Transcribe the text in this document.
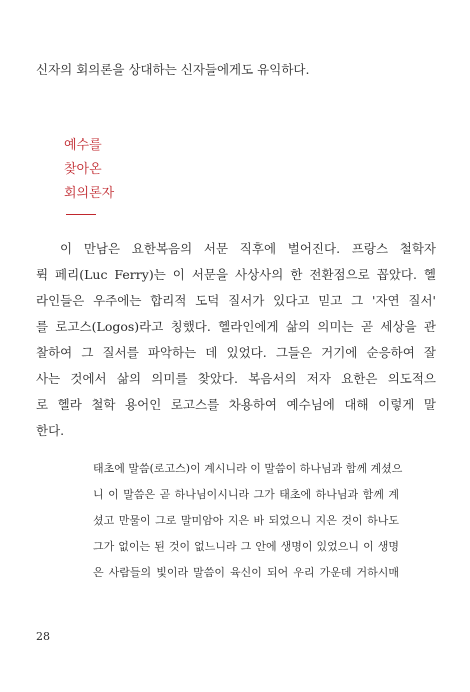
신자의 회의론을 상대하는 신자들에게도 유익하다.
예수를
찾아온
회의론자
이 만남은 요한복음의 서문 직후에 벌어진다. 프랑스 철학자
뤽 페리(Luc Ferry)는 이 서문을 사상사의 한 전환점으로 꼽았다. 헬
라인들은 우주에는 합리적 도덕 질서가 있다고 믿고 그 '자연 질서'
를 로고스(Logos)라고 칭했다. 헬라인에게 삶의 의미는 곧 세상을 관
찰하여 그 질서를 파악하는 데 있었다. 그들은 거기에 순응하여 잘
사는 것에서 삶의 의미를 찾았다. 복음서의 저자 요한은 의도적으
로 헬라 철학 용어인 로고스를 차용하여 예수님에 대해 이렇게 말
한다.
태초에 말씀(로고스)이 계시니라 이 말씀이 하나님과 함께 계셨으
니 이 말씀은 곧 하나님이시니라 그가 태초에 하나님과 함께 계
셨고 만물이 그로 말미암아 지은 바 되었으니 지은 것이 하나도
그가 없이는 된 것이 없느니라 그 안에 생명이 있었으니 이 생명
은 사람들의 빛이라 말씀이 육신이 되어 우리 가운데 거하시매
28
